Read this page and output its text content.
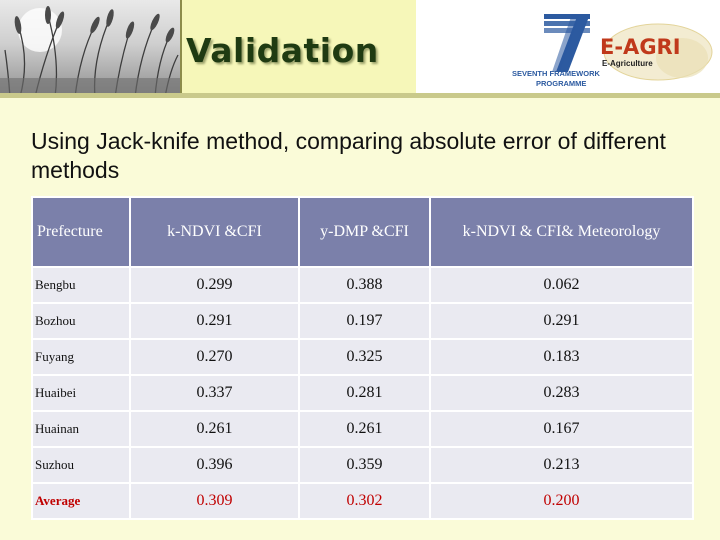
Validation
SEVENTH FRAMEWORK
PROGRAMME
E-AGRI
E-Agriculture
Using Jack-knife method, comparing absolute error of different methods
Prefecture	k-NDVI &CFI	y-DMP &CFI	k-NDVI & CFI& Meteorology
Bengbu	0.299	0.388	0.062
Bozhou	0.291	0.197	0.291
Fuyang	0.270	0.325	0.183
Huaibei	0.337	0.281	0.283
Huainan	0.261	0.261	0.167
Suzhou	0.396	0.359	0.213
Average	0.309	0.302	0.200
